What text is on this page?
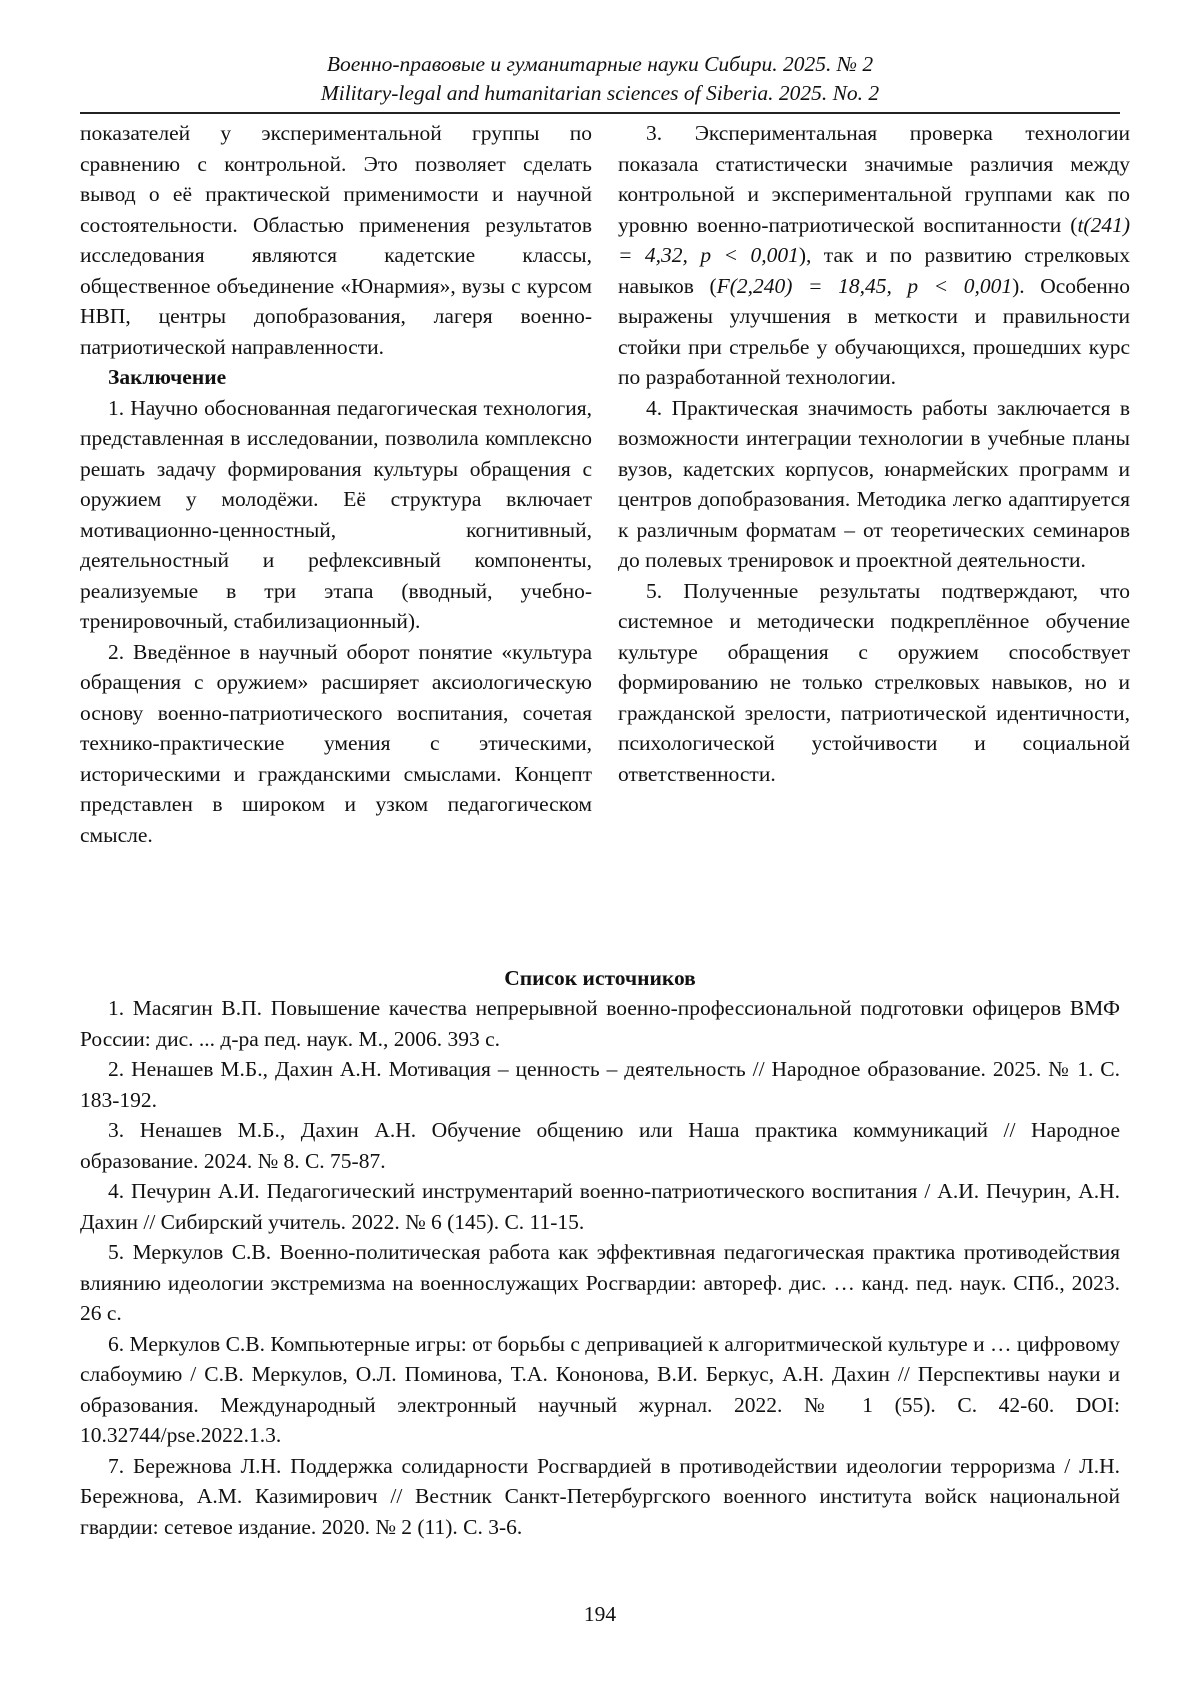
Военно-правовые и гуманитарные науки Сибири. 2025. № 2
Military-legal and humanitarian sciences of Siberia. 2025. No. 2

показателей у экспериментальной группы по сравнению с контрольной. Это позволяет сделать вывод о её практической применимости и научной состоятельности. Областью применения результатов исследования являются кадетские классы, общественное объединение «Юнармия», вузы с курсом НВП, центры допобразования, лагеря военно-патриотической направленности.

Заключение

1. Научно обоснованная педагогическая технология, представленная в исследовании, позволила комплексно решать задачу формирования культуры обращения с оружием у молодёжи. Её структура включает мотивационно-ценностный, когнитивный, деятельностный и рефлексивный компоненты, реализуемые в три этапа (вводный, учебно-тренировочный, стабилизационный).

2. Введённое в научный оборот понятие «культура обращения с оружием» расширяет аксиологическую основу военно-патриотического воспитания, сочетая технико-практические умения с этическими, историческими и гражданскими смыслами. Концепт представлен в широком и узком педагогическом смысле.

3. Экспериментальная проверка технологии показала статистически значимые различия между контрольной и экспериментальной группами как по уровню военно-патриотической воспитанности (t(241) = 4,32, p < 0,001), так и по развитию стрелковых навыков (F(2,240) = 18,45, p < 0,001). Особенно выражены улучшения в меткости и правильности стойки при стрельбе у обучающихся, прошедших курс по разработанной технологии.

4. Практическая значимость работы заключается в возможности интеграции технологии в учебные планы вузов, кадетских корпусов, юнармейских программ и центров допобразования. Методика легко адаптируется к различным форматам – от теоретических семинаров до полевых тренировок и проектной деятельности.

5. Полученные результаты подтверждают, что системное и методически подкреплённое обучение культуре обращения с оружием способствует формированию не только стрелковых навыков, но и гражданской зрелости, патриотической идентичности, психологической устойчивости и социальной ответственности.

Список источников

1. Масягин В.П. Повышение качества непрерывной военно-профессиональной подготовки офицеров ВМФ России: дис. ... д-ра пед. наук. М., 2006. 393 с.

2. Ненашев М.Б., Дахин А.Н. Мотивация – ценность – деятельность // Народное образование. 2025. № 1. С. 183-192.

3. Ненашев М.Б., Дахин А.Н. Обучение общению или Наша практика коммуникаций // Народное образование. 2024. № 8. С. 75-87.

4. Печурин А.И. Педагогический инструментарий военно-патриотического воспитания / А.И. Печурин, А.Н. Дахин // Сибирский учитель. 2022. № 6 (145). С. 11-15.

5. Меркулов С.В. Военно-политическая работа как эффективная педагогическая практика противодействия влиянию идеологии экстремизма на военнослужащих Росгвардии: автореф. дис. … канд. пед. наук. СПб., 2023. 26 с.

6. Меркулов С.В. Компьютерные игры: от борьбы с депривацией к алгоритмической культуре и … цифровому слабоумию / С.В. Меркулов, О.Л. Поминова, Т.А. Кононова, В.И. Беркус, А.Н. Дахин // Перспективы науки и образования. Международный электронный научный журнал. 2022. № 1 (55). С. 42-60. DOI: 10.32744/pse.2022.1.3.

7. Бережнова Л.Н. Поддержка солидарности Росгвардией в противодействии идеологии терроризма / Л.Н. Бережнова, А.М. Казимирович // Вестник Санкт-Петербургского военного института войск национальной гвардии: сетевое издание. 2020. № 2 (11). С. 3-6.

194
